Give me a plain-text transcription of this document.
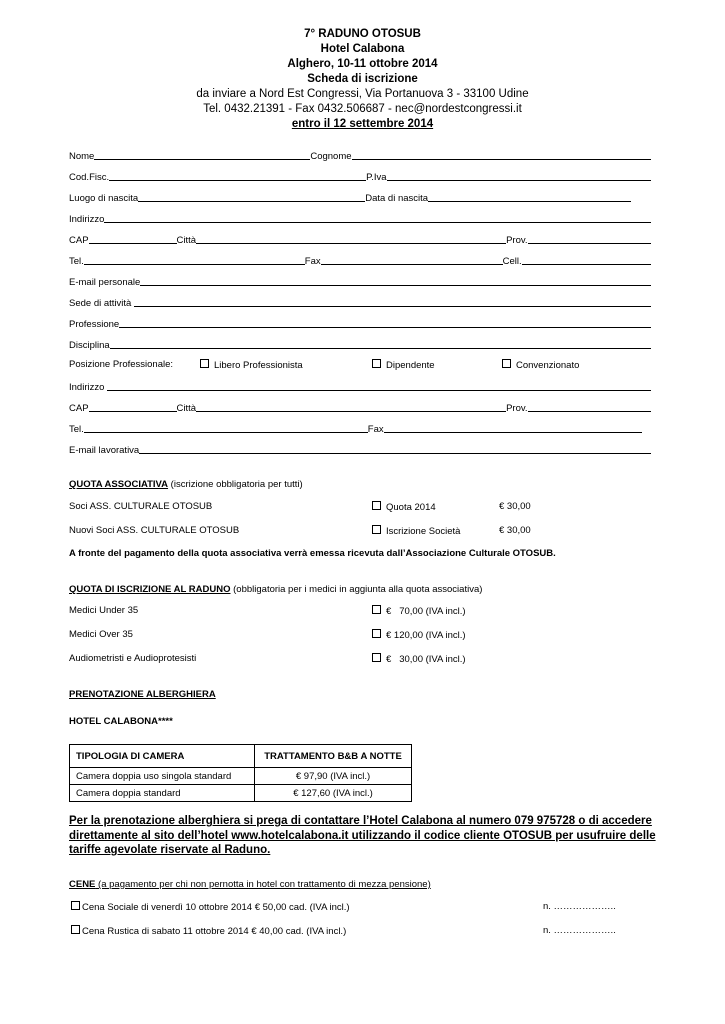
7° RADUNO OTOSUB
Hotel Calabona
Alghero, 10-11 ottobre 2014
Scheda di iscrizione
da inviare a Nord Est Congressi, Via Portanuova 3 - 33100 Udine
Tel. 0432.21391 - Fax 0432.506687 - nec@nordestcongressi.it
entro il 12 settembre 2014
Nome	Cognome
Cod.Fisc.	P.Iva
Luogo di nascita	Data di nascita
Indirizzo
CAP	Città	Prov.
Tel.	Fax	Cell.
E-mail personale
Sede di attività
Professione
Disciplina
Posizione Professionale:	Libero Professionista	Dipendente	Convenzionato
Indirizzo
CAP	Città	Prov.
Tel.	Fax
E-mail lavorativa
QUOTA ASSOCIATIVA (iscrizione obbligatoria per tutti)
Soci ASS. CULTURALE OTOSUB	Quota 2014	€ 30,00
Nuovi Soci ASS. CULTURALE OTOSUB	Iscrizione Società	€ 30,00
A fronte del pagamento della quota associativa verrà emessa ricevuta dall’Associazione Culturale OTOSUB.
QUOTA DI ISCRIZIONE AL RADUNO (obbligatoria per i medici in aggiunta alla quota associativa)
Medici Under 35	€   70,00 (IVA incl.)
Medici Over 35	€ 120,00 (IVA incl.)
Audiometristi e Audioprotesisti	€   30,00 (IVA incl.)
PRENOTAZIONE ALBERGHIERA
HOTEL CALABONA****
TIPOLOGIA DI CAMERA	TRATTAMENTO B&B A NOTTE
Camera doppia uso singola standard	€ 97,90 (IVA incl.)
Camera doppia standard	€ 127,60 (IVA incl.)
Per la prenotazione alberghiera si prega di contattare l’Hotel Calabona al numero 079 975728 o di accedere direttamente al sito dell’hotel www.hotelcalabona.it utilizzando il codice cliente OTOSUB per usufruire delle tariffe agevolate riservate al Raduno.
CENE (a pagamento per chi non pernotta in hotel con trattamento di mezza pensione)
Cena Sociale di venerdì 10 ottobre 2014 € 50,00 cad. (IVA incl.)	n. ………………..
Cena Rustica di sabato 11 ottobre 2014 € 40,00 cad. (IVA incl.)	n. ………………..
